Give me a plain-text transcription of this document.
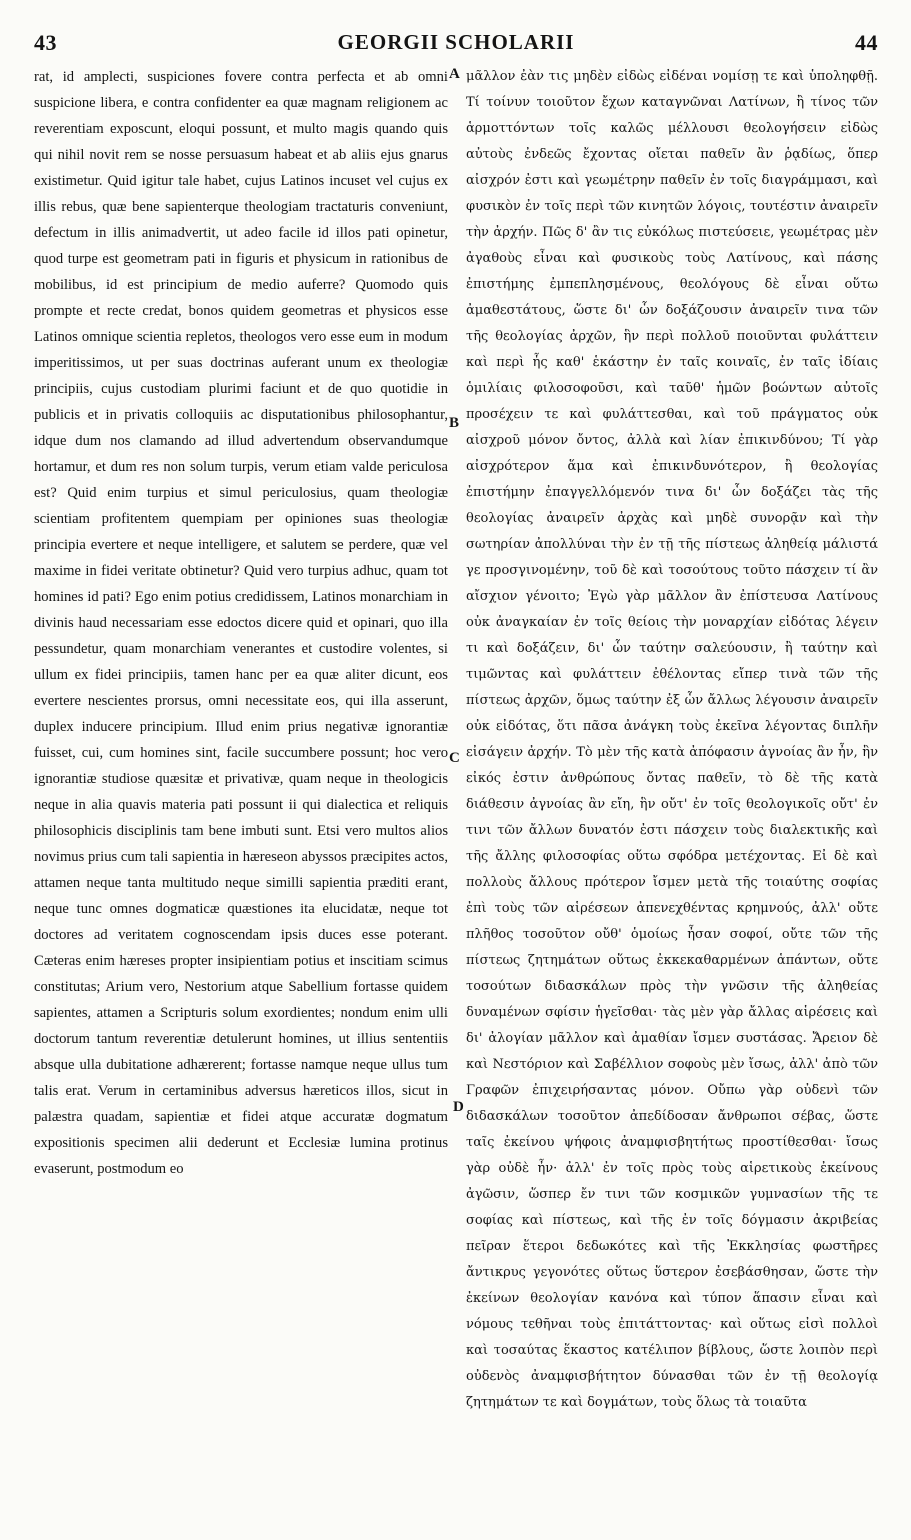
43	GEORGII SCHOLARII	44

rat, id amplecti, suspiciones fovere contra perfecta et ab omni suspicione libera, e contra confidenter ea quæ magnam religionem ac reverentiam exposcunt, eloqui possunt, et multo magis quando quis qui nihil novit rem se nosse persuasum habeat et ab aliis ejus gnarus existimetur. Quid igitur tale habet, cujus Latinos incuset vel cujus ex illis rebus, quæ bene sapienterque theologiam tractaturis conveniunt, defectum in illis animadvertit, ut adeo facile id illos pati opinetur, quod turpe est geometram pati in figuris et physicum in rationibus de mobilibus, id est principium de medio auferre? Quomodo quis prompte et recte credat, bonos quidem geometras et physicos esse Latinos omnique scientia repletos, theologos vero esse eum in modum imperitissimos, ut per suas doctrinas auferant unum ex theologiæ principiis, cujus custodiam plurimi faciunt et de quo quotidie in publicis et in privatis colloquiis ac disputationibus philosophantur, idque dum nos clamando ad illud advertendum observandumque hortamur, et dum res non solum turpis, verum etiam valde periculosa est? Quid enim turpius et simul periculosius, quam theologiæ scientiam profitentem quempiam per opiniones suas theologiæ principia evertere et neque intelligere, et salutem se perdere, quæ vel maxime in fidei veritate obtinetur? Quid vero turpius adhuc, quam tot homines id pati? Ego enim potius credidissem, Latinos monarchiam in divinis haud necessariam esse edoctos dicere quid et opinari, quo illa pessundetur, quam monarchiam venerantes et custodire volentes, si ullum ex fidei principiis, tamen hanc per ea quæ aliter dicunt, eos evertere nescientes prorsus, omni necessitate eos, qui illa asserunt, duplex inducere principium. Illud enim prius negativæ ignorantiæ fuisset, cui, cum homines sint, facile succumbere possunt; hoc vero ignorantiæ studiose quæsitæ et privativæ, quam neque in theologicis neque in alia quavis materia pati possunt ii qui dialectica et reliquis philosophicis disciplinis tam bene imbuti sunt. Etsi vero multos alios novimus prius cum tali sapientia in hæreseon abyssos præcipites actos, attamen neque tanta multitudo neque similli sapientia præditi erant, neque tunc omnes dogmaticæ quæstiones ita elucidatæ, neque tot doctores ad veritatem cognoscendam ipsis duces esse poterant. Cæteras enim hæreses propter insipientiam potius et inscitiam scimus constitutas; Arium vero, Nestorium atque Sabellium fortasse quidem sapientes, attamen a Scripturis solum exordientes; nondum enim ulli doctorum tantum reverentiæ detulerunt homines, ut illius sententiis absque ulla dubitatione adhærerent; fortasse namque neque ullus tum talis erat. Verum in certaminibus adversus hæreticos illos, sicut in palæstra quadam, sapientiæ et fidei atque accuratæ dogmatum expositionis specimen alii dederunt et Ecclesiæ lumina protinus evaserunt, postmodum eo

A
B
C
D

μᾶλλον ἐὰν τις μηδὲν εἰδὼς εἰδέναι νομίσῃ τε καὶ ὑποληφθῇ. Τί τοίνυν τοιοῦτον ἔχων καταγνῶναι Λατίνων, ἢ τίνος τῶν ἁρμοττόντων τοῖς καλῶς μέλλουσι θεολογήσειν εἰδὼς αὐτοὺς ἐνδεῶς ἔχοντας οἴεται παθεῖν ἂν ῥᾳδίως, ὅπερ αἰσχρόν ἐστι καὶ γεωμέτρην παθεῖν ἐν τοῖς διαγράμμασι, καὶ φυσικὸν ἐν τοῖς περὶ τῶν κινητῶν λόγοις, τουτέστιν ἀναιρεῖν τὴν ἀρχήν. Πῶς δ' ἂν τις εὐκόλως πιστεύσειε, γεωμέτρας μὲν ἀγαθοὺς εἶναι καὶ φυσικοὺς τοὺς Λατίνους, καὶ πάσης ἐπιστήμης ἐμπεπλησμένους, θεολόγους δὲ εἶναι οὕτω ἀμαθεστάτους, ὥστε δι' ὧν δοξάζουσιν ἀναιρεῖν τινα τῶν τῆς θεολογίας ἀρχῶν, ἣν περὶ πολλοῦ ποιοῦνται φυλάττειν καὶ περὶ ἧς καθ' ἑκάστην ἐν ταῖς κοιναῖς, ἐν ταῖς ἰδίαις ὁμιλίαις φιλοσοφοῦσι, καὶ ταῦθ' ἡμῶν βοώντων αὐτοῖς προσέχειν τε καὶ φυλάττεσθαι, καὶ τοῦ πράγματος οὐκ αἰσχροῦ μόνον ὄντος, ἀλλὰ καὶ λίαν ἐπικινδύνου; Τί γὰρ αἰσχρότερον ἅμα καὶ ἐπικινδυνότερον, ἢ θεολογίας ἐπιστήμην ἐπαγγελλόμενόν τινα δι' ὧν δοξάζει τὰς τῆς θεολογίας ἀναιρεῖν ἀρχὰς καὶ μηδὲ συνορᾷν καὶ τὴν σωτηρίαν ἀπολλύναι τὴν ἐν τῇ τῆς πίστεως ἀληθείᾳ μάλιστά γε προσγινομένην, τοῦ δὲ καὶ τοσούτους τοῦτο πάσχειν τί ἂν αἴσχιον γένοιτο; Ἐγὼ γὰρ μᾶλλον ἂν ἐπίστευσα Λατίνους οὐκ ἀναγκαίαν ἐν τοῖς θείοις τὴν μοναρχίαν εἰδότας λέγειν τι καὶ δοξάζειν, δι' ὧν ταύτην σαλεύουσιν, ἢ ταύτην καὶ τιμῶντας καὶ φυλάττειν ἐθέλοντας εἴπερ τινὰ τῶν τῆς πίστεως ἀρχῶν, ὅμως ταύτην ἐξ ὧν ἄλλως λέγουσιν ἀναιρεῖν οὐκ εἰδότας, ὅτι πᾶσα ἀνάγκη τοὺς ἐκεῖνα λέγοντας διπλῆν εἰσάγειν ἀρχήν. Τὸ μὲν τῆς κατὰ ἀπόφασιν ἀγνοίας ἂν ἦν, ἣν εἰκός ἐστιν ἀνθρώπους ὄντας παθεῖν, τὸ δὲ τῆς κατὰ διάθεσιν ἀγνοίας ἂν εἴη, ἣν οὔτ' ἐν τοῖς θεολογικοῖς οὔτ' ἐν τινι τῶν ἄλλων δυνατόν ἐστι πάσχειν τοὺς διαλεκτικῆς καὶ τῆς ἄλλης φιλοσοφίας οὕτω σφόδρα μετέχοντας. Εἰ δὲ καὶ πολλοὺς ἄλλους πρότερον ἴσμεν μετὰ τῆς τοιαύτης σοφίας ἐπὶ τοὺς τῶν αἱρέσεων ἀπενεχθέντας κρημνούς, ἀλλ' οὔτε πλῆθος τοσοῦτον οὔθ' ὁμοίως ἦσαν σοφοί, οὔτε τῶν τῆς πίστεως ζητημάτων οὕτως ἐκκεκαθαρμένων ἁπάντων, οὔτε τοσούτων διδασκάλων πρὸς τὴν γνῶσιν τῆς ἀληθείας δυναμένων σφίσιν ἡγεῖσθαι· τὰς μὲν γὰρ ἄλλας αἱρέσεις καὶ δι' ἀλογίαν μᾶλλον καὶ ἀμαθίαν ἴσμεν συστάσας. Ἄρειον δὲ καὶ Νεστόριον καὶ Σαβέλλιον σοφοὺς μὲν ἴσως, ἀλλ' ἀπὸ τῶν Γραφῶν ἐπιχειρήσαντας μόνον. Οὔπω γὰρ οὐδενὶ τῶν διδασκάλων τοσοῦτον ἀπεδίδοσαν ἄνθρωποι σέβας, ὥστε ταῖς ἐκείνου ψήφοις ἀναμφισβητήτως προστίθεσθαι· ἴσως γὰρ οὐδὲ ἦν· ἀλλ' ἐν τοῖς πρὸς τοὺς αἱρετικοὺς ἐκείνους ἀγῶσιν, ὥσπερ ἔν τινι τῶν κοσμικῶν γυμνασίων τῆς τε σοφίας καὶ πίστεως, καὶ τῆς ἐν τοῖς δόγμασιν ἀκριβείας πεῖραν ἕτεροι δεδωκότες καὶ τῆς Ἐκκλησίας φωστῆρες ἄντικρυς γεγονότες οὕτως ὕστερον ἐσεβάσθησαν, ὥστε τὴν ἐκείνων θεολογίαν κανόνα καὶ τύπον ἅπασιν εἶναι καὶ νόμους τεθῆναι τοὺς ἐπιτάττοντας· καὶ οὕτως εἰσὶ πολλοὶ καὶ τοσαύτας ἕκαστος κατέλιπον βίβλους, ὥστε λοιπὸν περὶ οὐδενὸς ἀναμφισβήτητον δύνασθαι τῶν ἐν τῇ θεολογίᾳ ζητημάτων τε καὶ δογμάτων, τοὺς ὅλως τὰ τοιαῦτα
